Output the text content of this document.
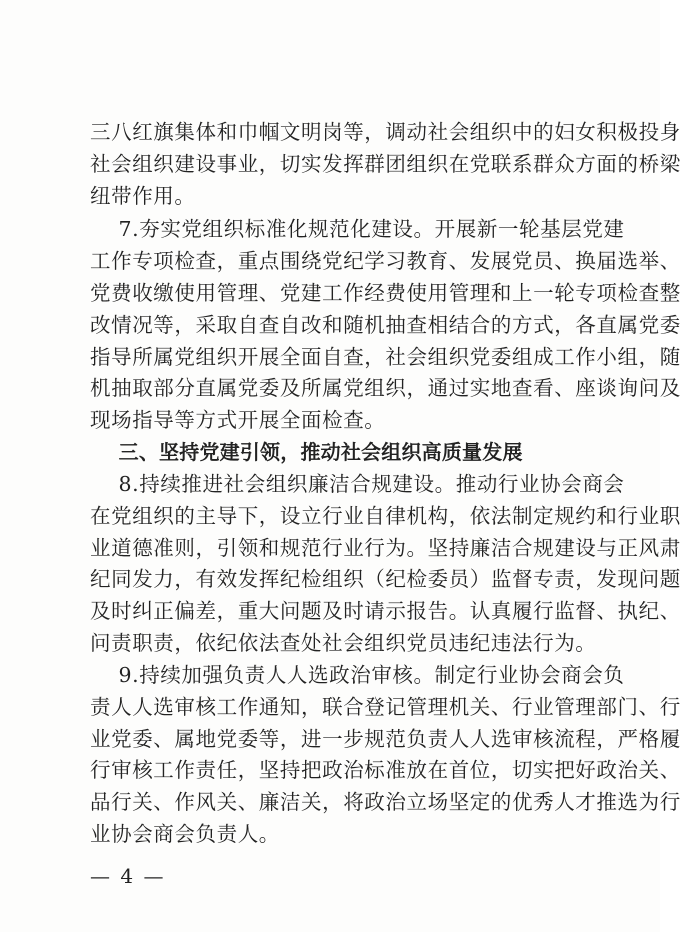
三八红旗集体和巾帼文明岗等，调动社会组织中的妇女积极投身
社会组织建设事业，切实发挥群团组织在党联系群众方面的桥梁
纽带作用。
7.夯实党组织标准化规范化建设。开展新一轮基层党建
工作专项检查，重点围绕党纪学习教育、发展党员、换届选举、
党费收缴使用管理、党建工作经费使用管理和上一轮专项检查整
改情况等，采取自查自改和随机抽查相结合的方式，各直属党委
指导所属党组织开展全面自查，社会组织党委组成工作小组，随
机抽取部分直属党委及所属党组织，通过实地查看、座谈询问及
现场指导等方式开展全面检查。
三、坚持党建引领，推动社会组织高质量发展
8.持续推进社会组织廉洁合规建设。推动行业协会商会
在党组织的主导下，设立行业自律机构，依法制定规约和行业职
业道德准则，引领和规范行业行为。坚持廉洁合规建设与正风肃
纪同发力，有效发挥纪检组织（纪检委员）监督专责，发现问题
及时纠正偏差，重大问题及时请示报告。认真履行监督、执纪、
问责职责，依纪依法查处社会组织党员违纪违法行为。
9.持续加强负责人人选政治审核。制定行业协会商会负
责人人选审核工作通知，联合登记管理机关、行业管理部门、行
业党委、属地党委等，进一步规范负责人人选审核流程，严格履
行审核工作责任，坚持把政治标准放在首位，切实把好政治关、
品行关、作风关、廉洁关，将政治立场坚定的优秀人才推选为行
业协会商会负责人。
— 4 —
